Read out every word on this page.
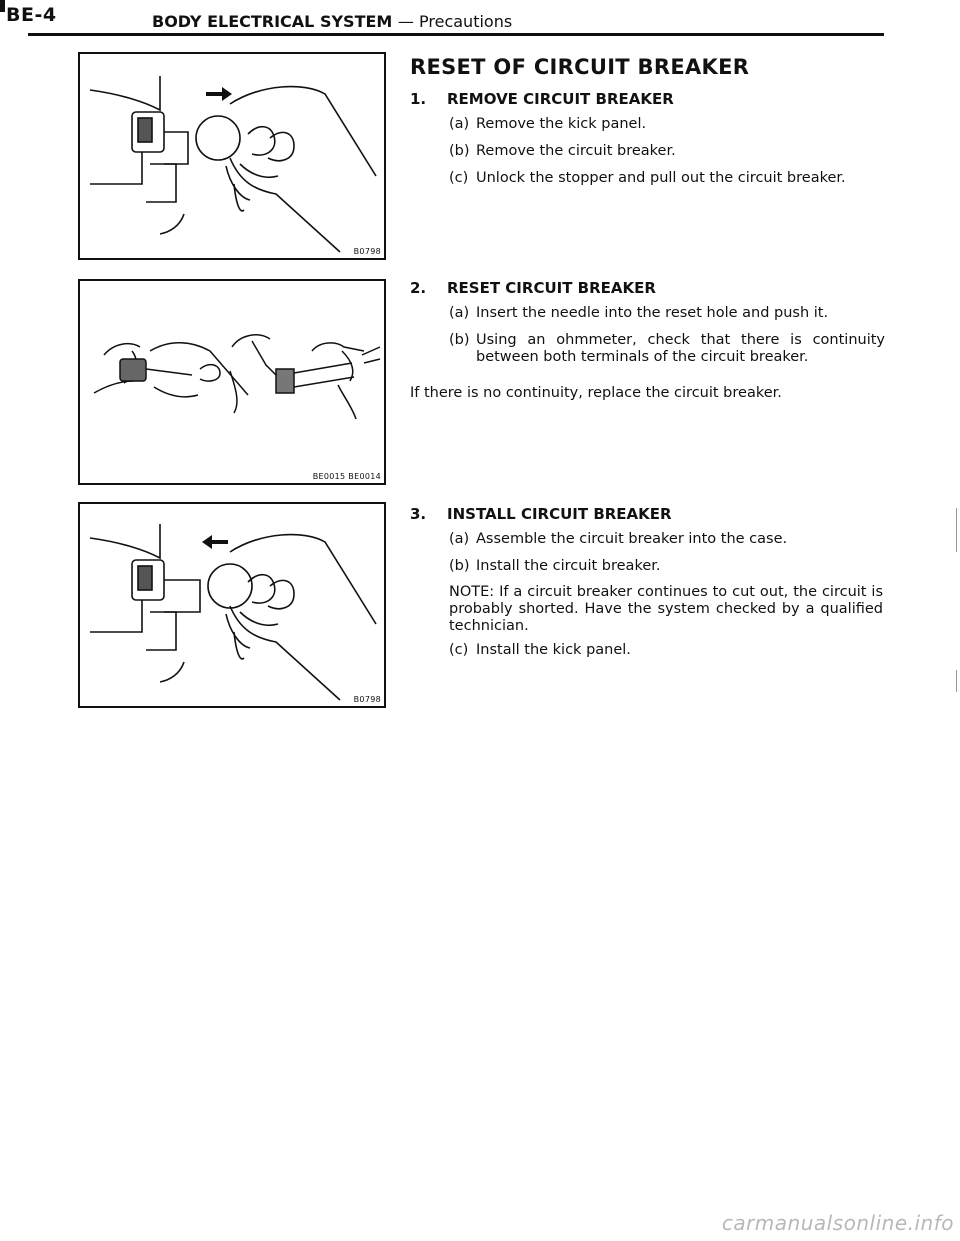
BE-4	BODY ELECTRICAL SYSTEM — Precautions
B0798
BE0015 BE0014
B0798
RESET OF CIRCUIT BREAKER
1. REMOVE CIRCUIT BREAKER
(a) Remove the kick panel.
(b) Remove the circuit breaker.
(c) Unlock the stopper and pull out the circuit breaker.
2. RESET CIRCUIT BREAKER
(a) Insert the needle into the reset hole and push it.
(b) Using an ohmmeter, check that there is continuity between both terminals of the circuit breaker.
If there is no continuity, replace the circuit breaker.
3. INSTALL CIRCUIT BREAKER
(a) Assemble the circuit breaker into the case.
(b) Install the circuit breaker.
NOTE: If a circuit breaker continues to cut out, the circuit is probably shorted. Have the system checked by a qualified technician.
(c) Install the kick panel.
carmanualsonline.info
